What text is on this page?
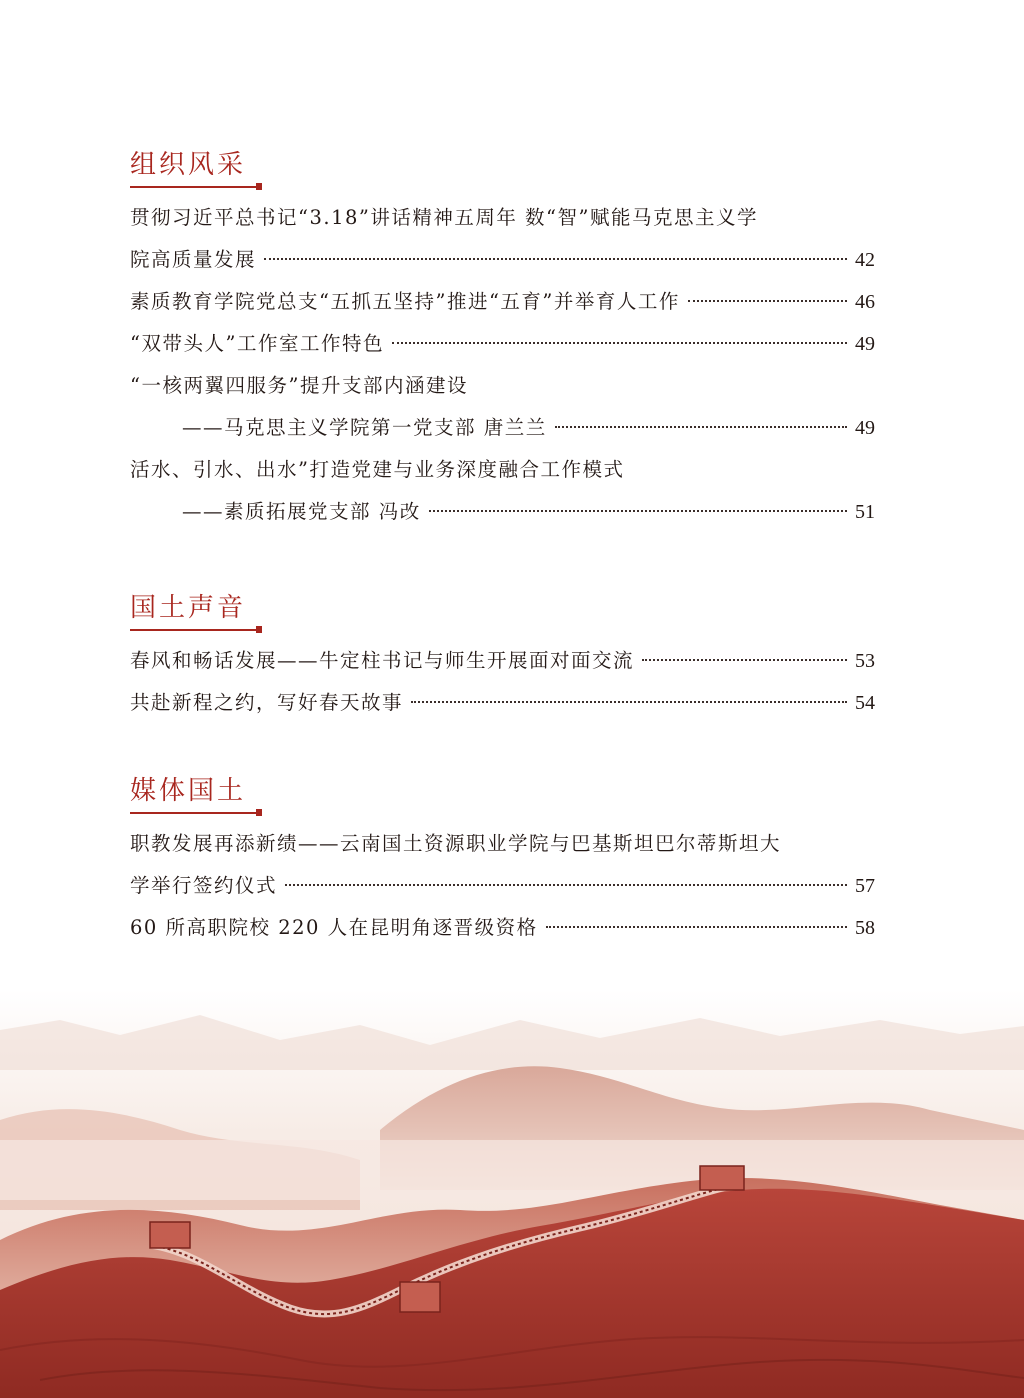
组织风采
贯彻习近平总书记“3.18”讲话精神五周年 数“智”赋能马克思主义学
院高质量发展	42
素质教育学院党总支“五抓五坚持”推进“五育”并举育人工作	46
“双带头人”工作室工作特色	49
“一核两翼四服务”提升支部内涵建设
——马克思主义学院第一党支部 唐兰兰	49
活水、引水、出水”打造党建与业务深度融合工作模式
——素质拓展党支部 冯改	51
国土声音
春风和畅话发展——牛定柱书记与师生开展面对面交流	53
共赴新程之约，写好春天故事	54
媒体国土
职教发展再添新绩——云南国土资源职业学院与巴基斯坦巴尔蒂斯坦大
学举行签约仪式	57
60 所高职院校 220 人在昆明角逐晋级资格	58
